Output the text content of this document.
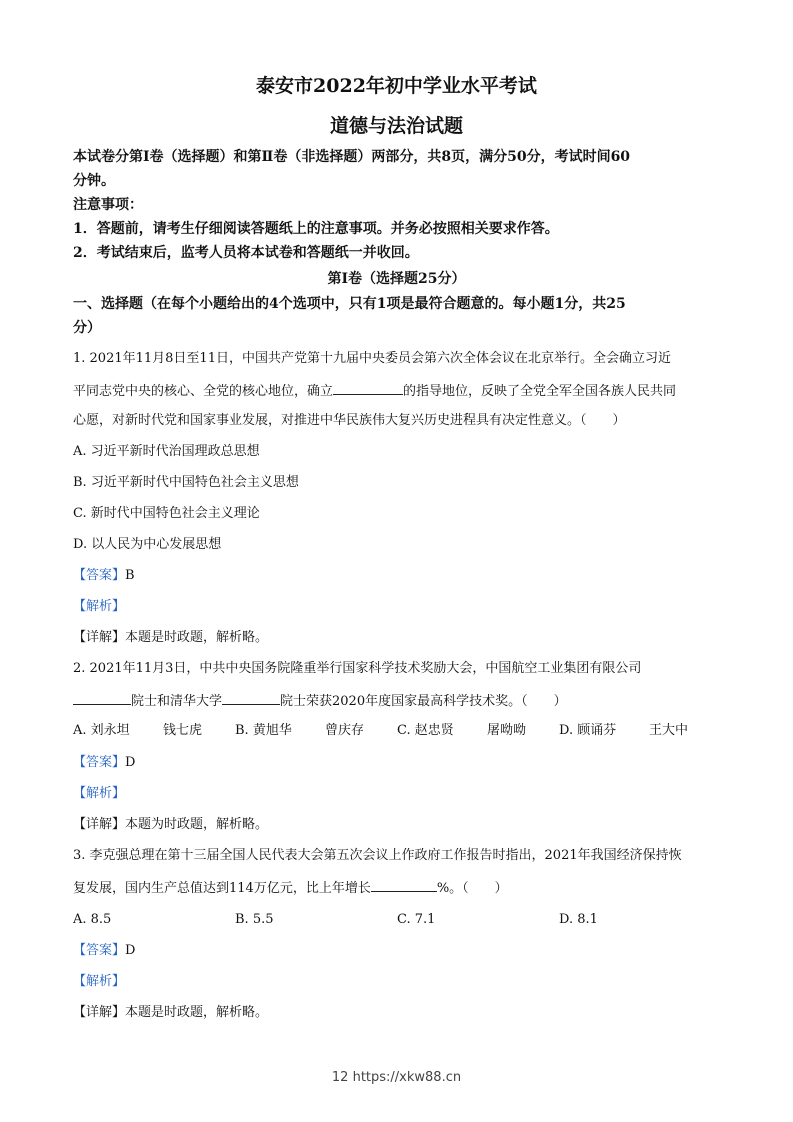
泰安市2022年初中学业水平考试
道德与法治试题
本试卷分第Ⅰ卷（选择题）和第Ⅱ卷（非选择题）两部分，共8页，满分50分，考试时间60
分钟。
注意事项：
1．答题前，请考生仔细阅读答题纸上的注意事项。并务必按照相关要求作答。
2．考试结束后，监考人员将本试卷和答题纸一并收回。
第Ⅰ卷（选择题25分）
一、选择题（在每个小题给出的4个选项中，只有1项是最符合题意的。每小题1分，共25
分）
1. 2021年11月8日至11日，中国共产党第十九届中央委员会第六次全体会议在北京举行。全会确立习近
平同志党中央的核心、全党的核心地位，确立	的指导地位，反映了全党全军全国各族人民共同
心愿，对新时代党和国家事业发展，对推进中华民族伟大复兴历史进程具有决定性意义。（　　）
A. 习近平新时代治国理政总思想
B. 习近平新时代中国特色社会主义思想
C. 新时代中国特色社会主义理论
D. 以人民为中心发展思想
【答案】B
【解析】
【详解】本题是时政题，解析略。
2. 2021年11月3日，中共中央国务院隆重举行国家科学技术奖励大会，中国航空工业集团有限公司
院士和清华大学	院士荣获2020年度国家最高科学技术奖。（　　）
A. 刘永坦	钱七虎	B. 黄旭华	曾庆存	C. 赵忠贤	屠呦呦	D. 顾诵芬	王大中
【答案】D
【解析】
【详解】本题为时政题，解析略。
3. 李克强总理在第十三届全国人民代表大会第五次会议上作政府工作报告时指出，2021年我国经济保持恢
复发展，国内生产总值达到114万亿元，比上年增长	%。（　　）
A. 8.5	B. 5.5	C. 7.1	D. 8.1
【答案】D
【解析】
【详解】本题是时政题，解析略。
12 https://xkw88.cn
